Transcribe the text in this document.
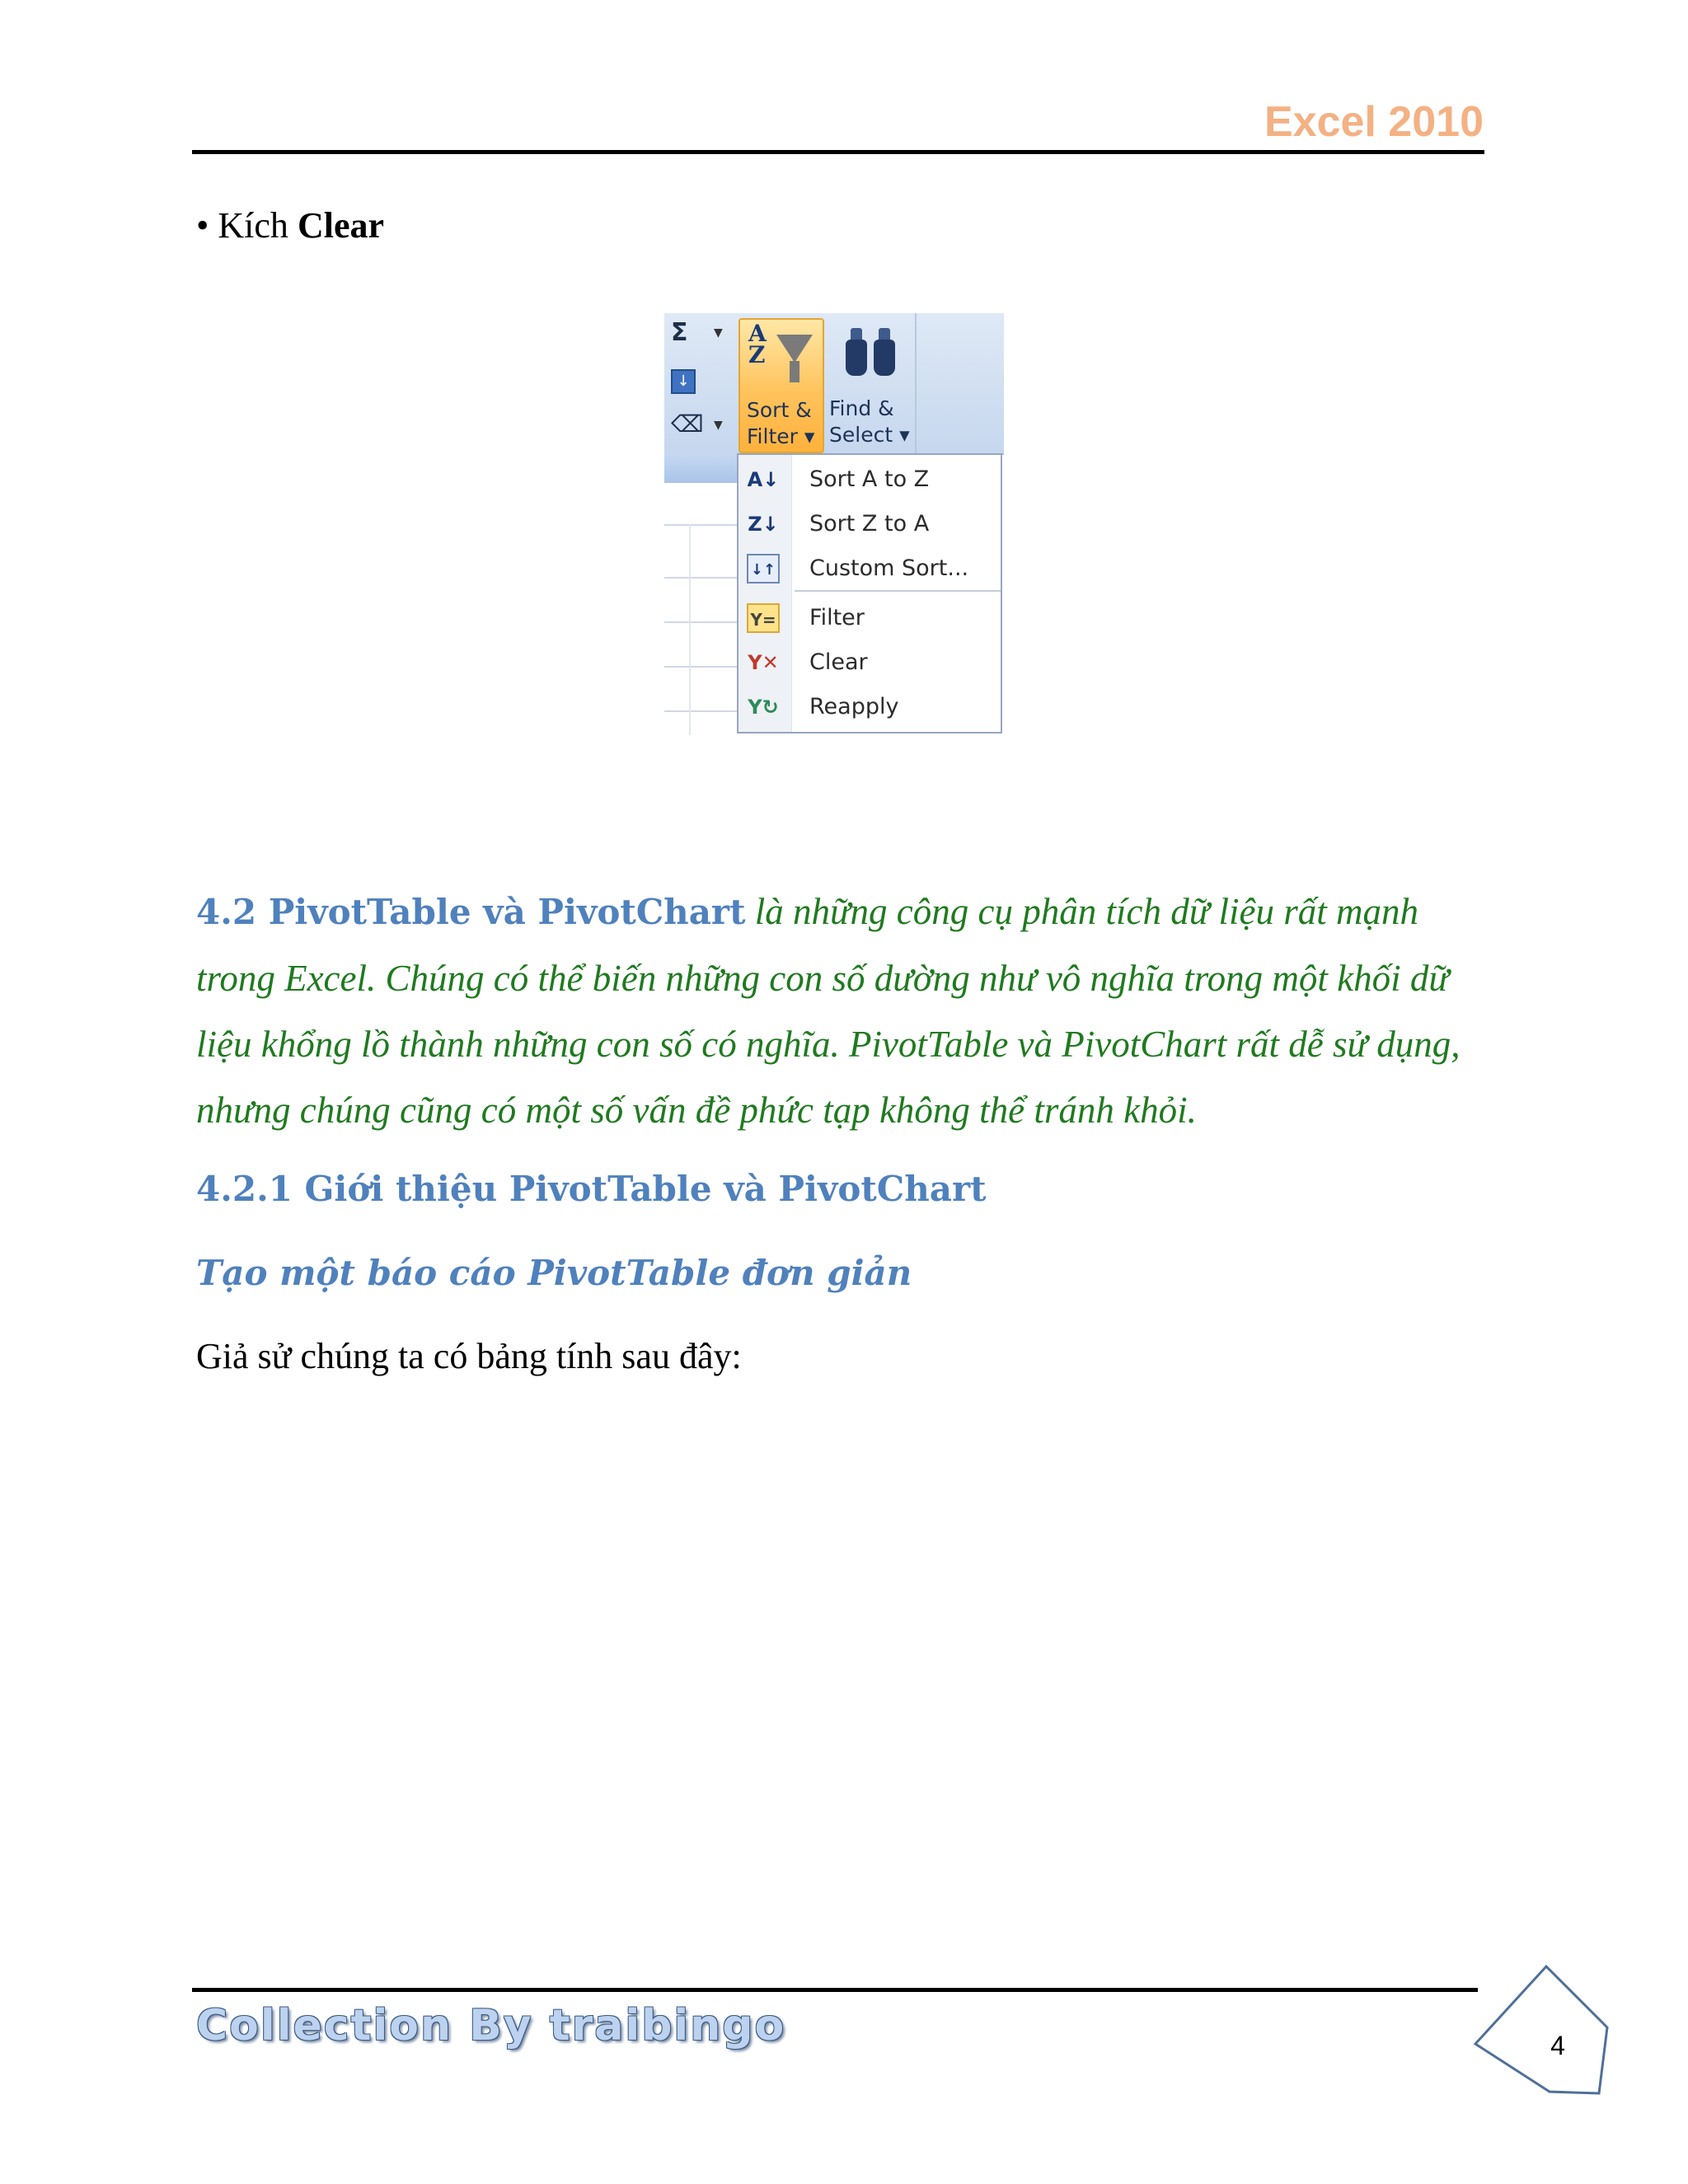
Excel 2010
• Kích Clear
Σ ▼
↓
⌫ ▼
A
Z
Sort &
Filter ▾
Find &
Select ▾
A↓ Sort A to Z
Z↓ Sort Z to A
↓↑ Custom Sort...
Y= Filter
Y✕ Clear
Y↻ Reapply
4.2 PivotTable và PivotChart là những công cụ phân tích dữ liệu rất mạnh trong Excel. Chúng có thể biến những con số dường như vô nghĩa trong một khối dữ liệu khổng lồ thành những con số có nghĩa. PivotTable và PivotChart rất dễ sử dụng, nhưng chúng cũng có một số vấn đề phức tạp không thể tránh khỏi.
4.2.1 Giới thiệu PivotTable và PivotChart
Tạo một báo cáo PivotTable đơn giản
Giả sử chúng ta có bảng tính sau đây:
Collection By traibingo	4
